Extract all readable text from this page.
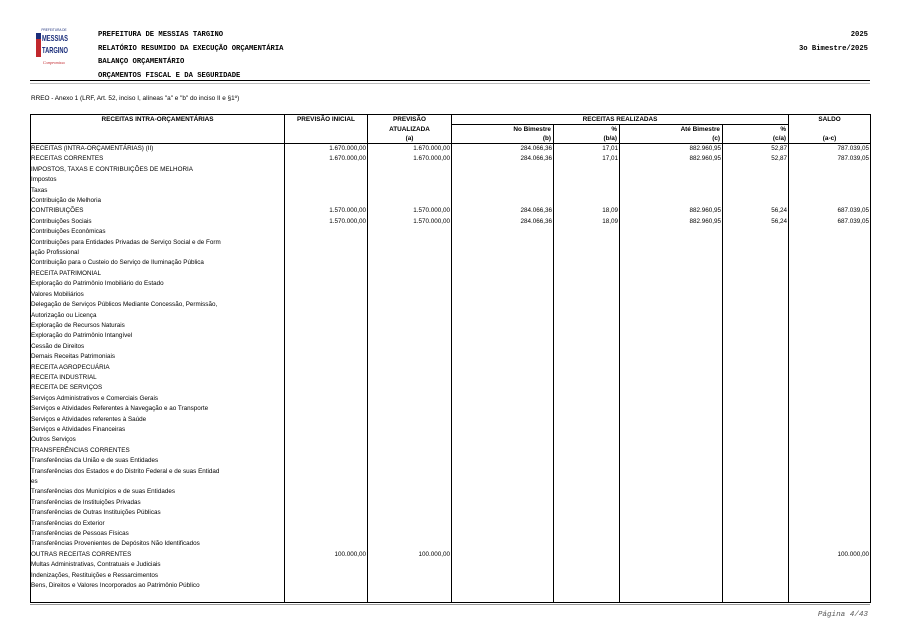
PREFEITURA DE
MESSIAS
TARGINO
Compromisso
PREFEITURA DE MESSIAS TARGINO
RELATÓRIO RESUMIDO DA EXECUÇÃO ORÇAMENTÁRIA
BALANÇO ORÇAMENTÁRIO
ORÇAMENTOS FISCAL E DA SEGURIDADE
2025
3o Bimestre/2025
RREO - Anexo 1 (LRF, Art. 52, inciso I, alíneas "a" e "b" do inciso II e §1º)
RECEITAS INTRA-ORÇAMENTÁRIAS	PREVISÃO INICIAL	PREVISÃO	RECEITAS REALIZADAS				SALDO
		ATUALIZADA	No Bimestre	%	Até Bimestre	%	
		(a)	(b)	(b/a)	(c)	(c/a)	(a-c)
RECEITAS (INTRA-ORÇAMENTÁRIAS) (II)	1.670.000,00	1.670.000,00	284.066,36	17,01	882.960,95	52,87	787.039,05
RECEITAS CORRENTES	1.670.000,00	1.670.000,00	284.066,36	17,01	882.960,95	52,87	787.039,05
IMPOSTOS, TAXAS E CONTRIBUIÇÕES DE MELHORIA							
Impostos							
Taxas							
Contribuição de Melhoria							
CONTRIBUIÇÕES	1.570.000,00	1.570.000,00	284.066,36	18,09	882.960,95	56,24	687.039,05
Contribuições Sociais	1.570.000,00	1.570.000,00	284.066,36	18,09	882.960,95	56,24	687.039,05
Contribuições Econômicas							
Contribuições para Entidades Privadas de Serviço Social e de Form							
ação Profissional							
Contribuição para o Custeio do Serviço de Iluminação Pública							
RECEITA PATRIMONIAL							
Exploração do Patrimônio Imobiliário do Estado							
Valores Mobiliários							
Delegação de Serviços Públicos Mediante Concessão, Permissão,							
Autorização ou Licença							
Exploração de Recursos Naturais							
Exploração do Patrimônio Intangível							
Cessão de Direitos							
Demais Receitas Patrimoniais							
RECEITA AGROPECUÁRIA							
RECEITA INDUSTRIAL							
RECEITA DE SERVIÇOS							
Serviços Administrativos e Comerciais Gerais							
Serviços e Atividades Referentes à Navegação e ao Transporte							
Serviços e Atividades referentes à Saúde							
Serviços e Atividades Financeiras							
Outros Serviços							
TRANSFERÊNCIAS CORRENTES							
Transferências da União e de suas Entidades							
Transferências dos Estados e do Distrito Federal e de suas Entidad							
es							
Transferências dos Municípios e de suas Entidades							
Transferências de Instituições Privadas							
Transferências de Outras Instituições Públicas							
Transferências do Exterior							
Transferências de Pessoas Físicas							
Transferências Provenientes de Depósitos Não Identificados							
OUTRAS RECEITAS CORRENTES	100.000,00	100.000,00					100.000,00
Multas Administrativas, Contratuais e Judiciais							
Indenizações, Restituições e Ressarcimentos							
Bens, Direitos e Valores Incorporados ao Patrimônio Público							

Página 4/43
